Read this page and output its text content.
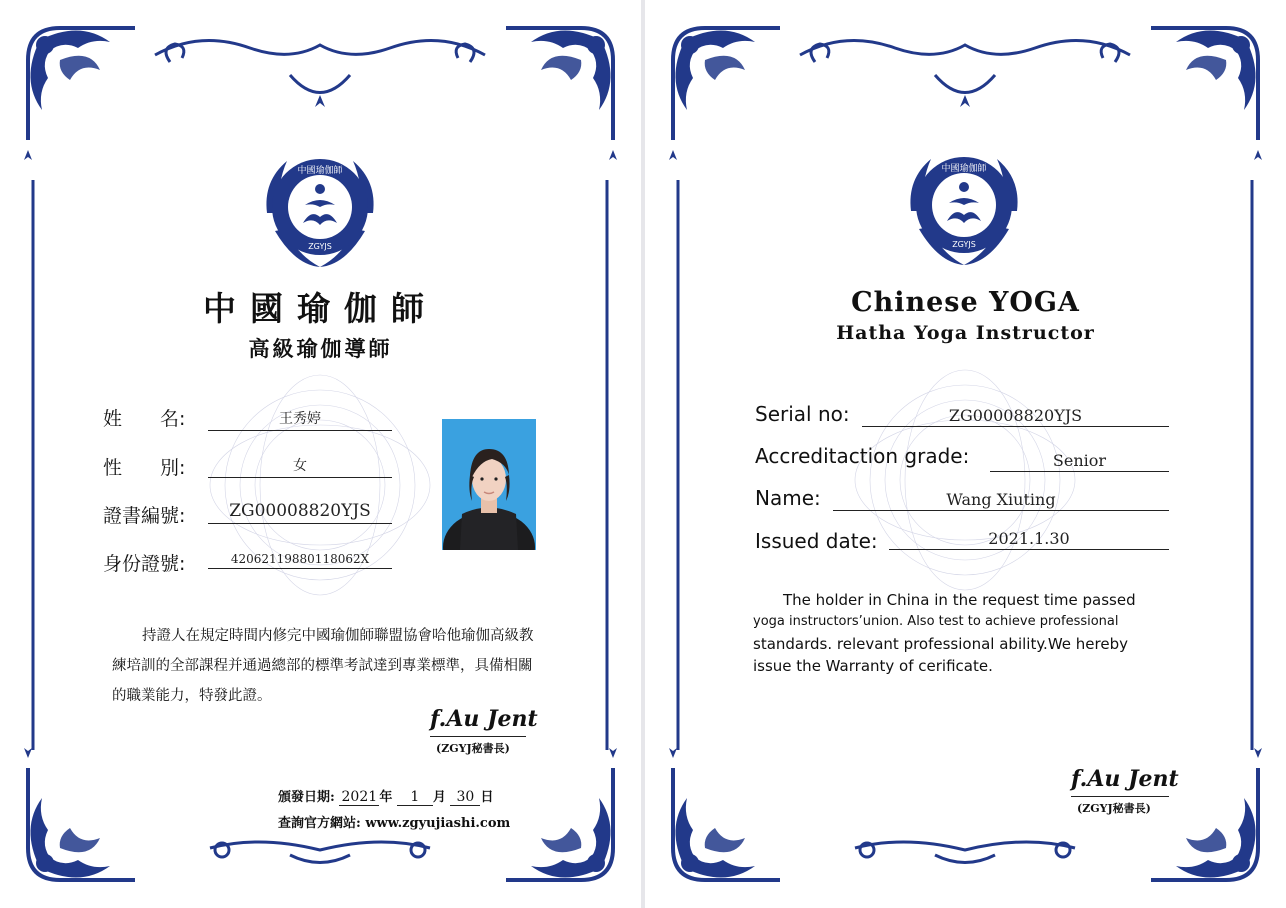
中國瑜伽師
ZGYJS
中國瑜伽師
高級瑜伽導師
姓　　名:	王秀婷
性　　別:	女
證書編號:	ZG00008820YJS
身份證號:	42062119880118062X
持證人在規定時間内修完中國瑜伽師聯盟協會哈他瑜伽高級教練培訓的全部課程并通過總部的標準考試達到專業標準，具備相關的職業能力，特發此證。
f.Au Jent
(ZGYJ秘書長)
頒發日期: 2021 年 1 月 30 日
查詢官方網站: www.zgyujiashi.com
中國瑜伽師
ZGYJS
Chinese YOGA
Hatha Yoga Instructor
Serial no:	ZG00008820YJS
Accreditaction grade:	Senior
Name:	Wang Xiuting
Issued date:	2021.1.30
The holder in China in the request time passed
yoga instructors’union. Also test to achieve professional
standards. relevant professional ability.We hereby
issue the Warranty of cerificate.
f.Au Jent
(ZGYJ秘書長)
